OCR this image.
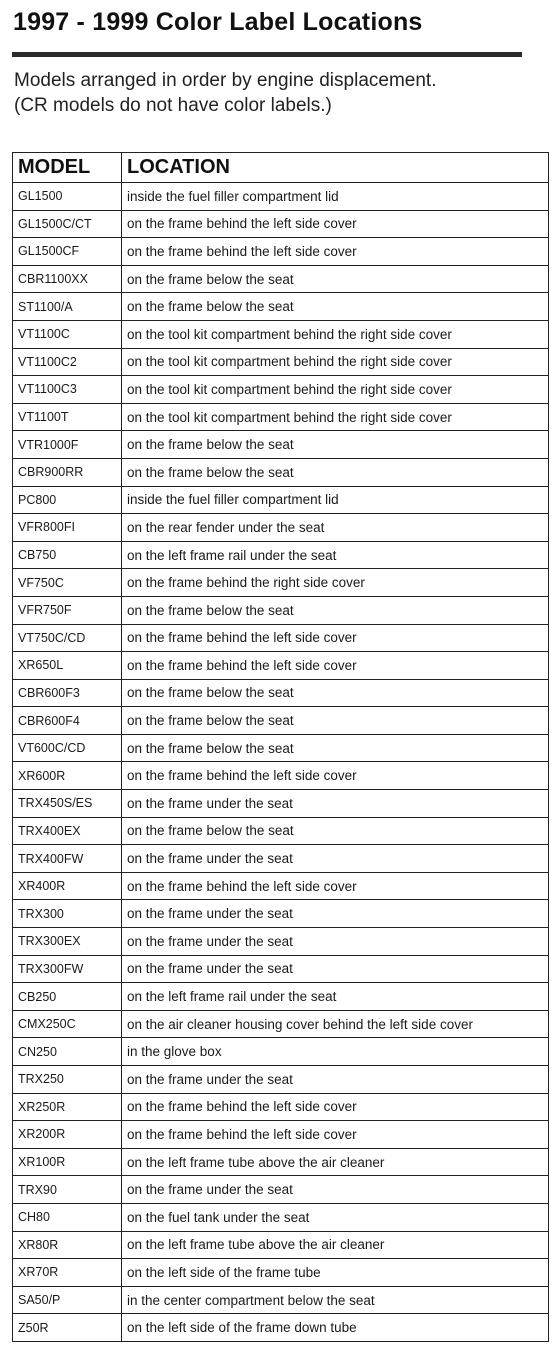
1997 - 1999 Color Label Locations
Models arranged in order by engine displacement.
(CR models do not have color labels.)
MODEL	LOCATION
GL1500	inside the fuel filler compartment lid
GL1500C/CT	on the frame behind the left side cover
GL1500CF	on the frame behind the left side cover
CBR1100XX	on the frame below the seat
ST1100/A	on the frame below the seat
VT1100C	on the tool kit compartment behind the right side cover
VT1100C2	on the tool kit compartment behind the right side cover
VT1100C3	on the tool kit compartment behind the right side cover
VT1100T	on the tool kit compartment behind the right side cover
VTR1000F	on the frame below the seat
CBR900RR	on the frame below the seat
PC800	inside the fuel filler compartment lid
VFR800FI	on the rear fender under the seat
CB750	on the left frame rail under the seat
VF750C	on the frame behind the right side cover
VFR750F	on the frame below the seat
VT750C/CD	on the frame behind the left side cover
XR650L	on the frame behind the left side cover
CBR600F3	on the frame below the seat
CBR600F4	on the frame below the seat
VT600C/CD	on the frame below the seat
XR600R	on the frame behind the left side cover
TRX450S/ES	on the frame under the seat
TRX400EX	on the frame below the seat
TRX400FW	on the frame under the seat
XR400R	on the frame behind the left side cover
TRX300	on the frame under the seat
TRX300EX	on the frame under the seat
TRX300FW	on the frame under the seat
CB250	on the left frame rail under the seat
CMX250C	on the air cleaner housing cover behind the left side cover
CN250	in the glove box
TRX250	on the frame under the seat
XR250R	on the frame behind the left side cover
XR200R	on the frame behind the left side cover
XR100R	on the left frame tube above the air cleaner
TRX90	on the frame under the seat
CH80	on the fuel tank under the seat
XR80R	on the left frame tube above the air cleaner
XR70R	on the left side of the frame tube
SA50/P	in the center compartment below the seat
Z50R	on the left side of the frame down tube
